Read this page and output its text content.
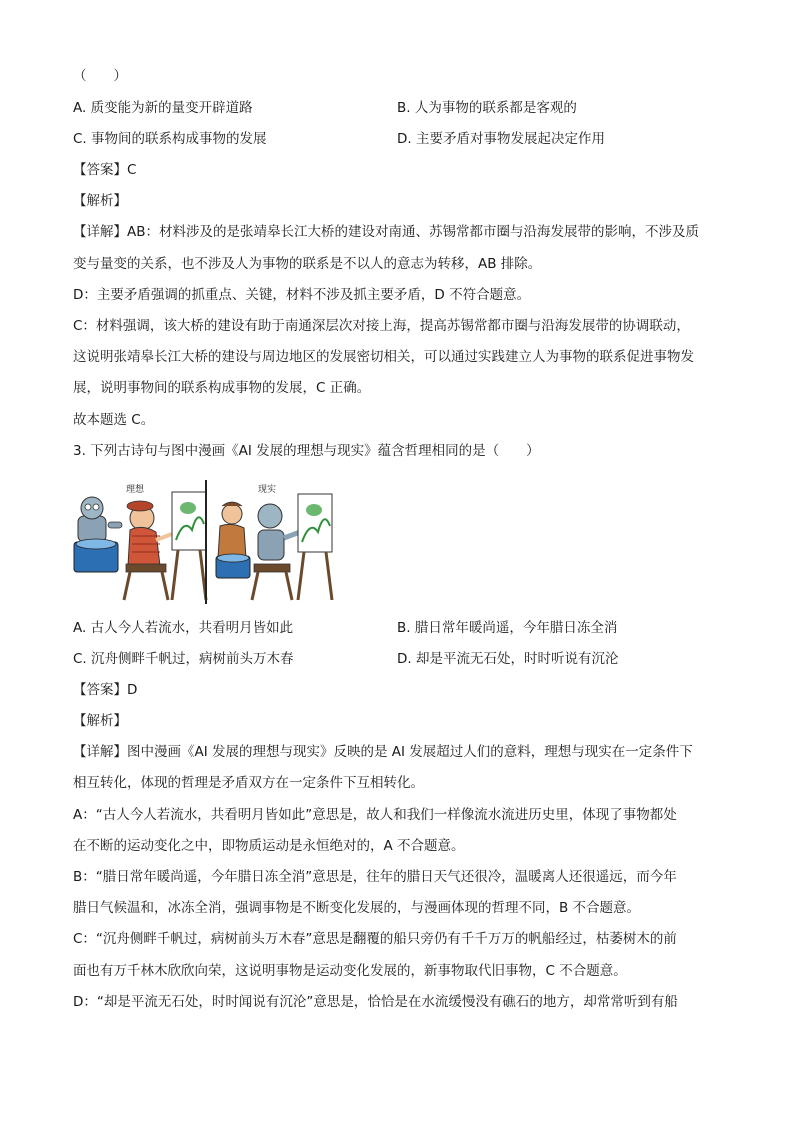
（　　）
A. 质变能为新的量变开辟道路	B. 人为事物的联系都是客观的
C. 事物间的联系构成事物的发展	D. 主要矛盾对事物发展起决定作用
【答案】C
【解析】
【详解】AB：材料涉及的是张靖皋长江大桥的建设对南通、苏锡常都市圈与沿海发展带的影响，不涉及质
变与量变的关系，也不涉及人为事物的联系是不以人的意志为转移，AB 排除。
D：主要矛盾强调的抓重点、关键，材料不涉及抓主要矛盾，D 不符合题意。
C：材料强调，该大桥的建设有助于南通深层次对接上海，提高苏锡常都市圈与沿海发展带的协调联动，
这说明张靖皋长江大桥的建设与周边地区的发展密切相关，可以通过实践建立人为事物的联系促进事物发
展，说明事物间的联系构成事物的发展，C 正确。
故本题选 C。
3. 下列古诗句与图中漫画《AI 发展的理想与现实》蕴含哲理相同的是（　　）
理想	现实
A. 古人今人若流水，共看明月皆如此	B. 腊日常年暖尚遥，今年腊日冻全消
C. 沉舟侧畔千帆过，病树前头万木春	D. 却是平流无石处，时时听说有沉沦
【答案】D
【解析】
【详解】图中漫画《AI 发展的理想与现实》反映的是 AI 发展超过人们的意料，理想与现实在一定条件下
相互转化，体现的哲理是矛盾双方在一定条件下互相转化。
A：“古人今人若流水，共看明月皆如此”意思是，故人和我们一样像流水流进历史里，体现了事物都处
在不断的运动变化之中，即物质运动是永恒绝对的，A 不合题意。
B：“腊日常年暖尚遥，今年腊日冻全消”意思是，往年的腊日天气还很冷，温暖离人还很遥远，而今年
腊日气候温和，冰冻全消，强调事物是不断变化发展的，与漫画体现的哲理不同，B 不合题意。
C：“沉舟侧畔千帆过，病树前头万木春”意思是翻覆的船只旁仍有千千万万的帆船经过，枯萎树木的前
面也有万千林木欣欣向荣，这说明事物是运动变化发展的，新事物取代旧事物，C 不合题意。
D：“却是平流无石处，时时闻说有沉沦”意思是，恰恰是在水流缓慢没有礁石的地方，却常常听到有船
